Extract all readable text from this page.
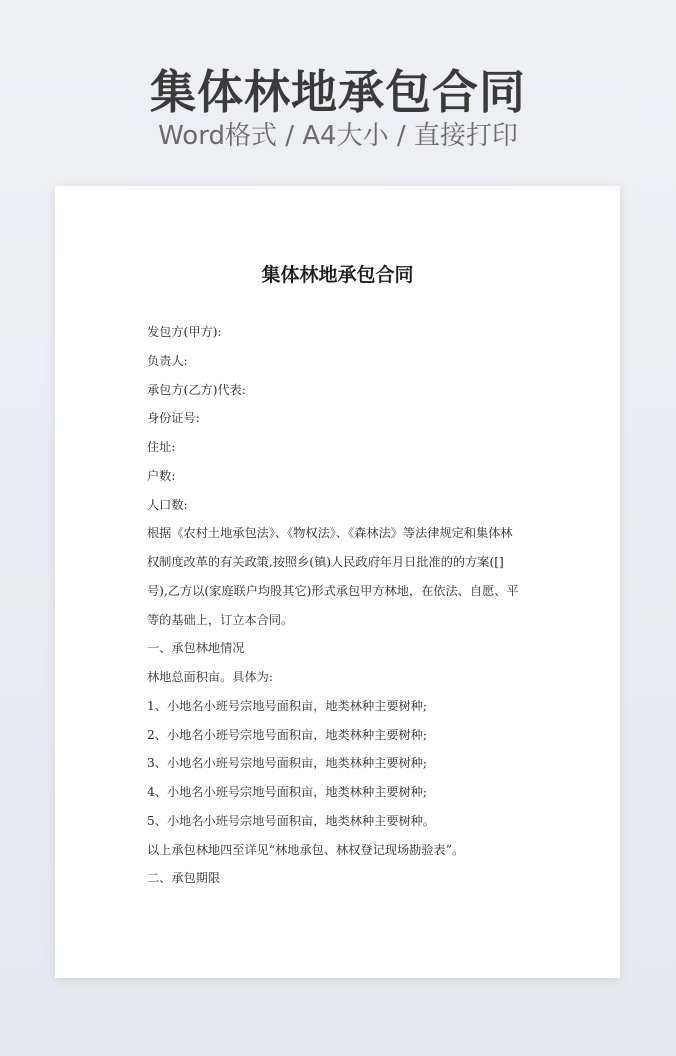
集体林地承包合同
Word格式 / A4大小 / 直接打印
集体林地承包合同
发包方(甲方):
负责人:
承包方(乙方)代表:
身份证号:
住址:
户数:
人口数:
根据《农村土地承包法》、《物权法》、《森林法》等法律规定和集体林
权制度改革的有关政策,按照乡(镇)人民政府年月日批准的的方案([]
号),乙方以(家庭联户均股其它)形式承包甲方林地，在依法、自愿、平
等的基础上，订立本合同。
一、承包林地情况
林地总面积亩。具体为:
1、小地名小班号宗地号面积亩，地类林种主要树种;
2、小地名小班号宗地号面积亩，地类林种主要树种;
3、小地名小班号宗地号面积亩，地类林种主要树种;
4、小地名小班号宗地号面积亩，地类林种主要树种;
5、小地名小班号宗地号面积亩，地类林种主要树种。
以上承包林地四至详见“林地承包、林权登记现场勘验表”。
二、承包期限
